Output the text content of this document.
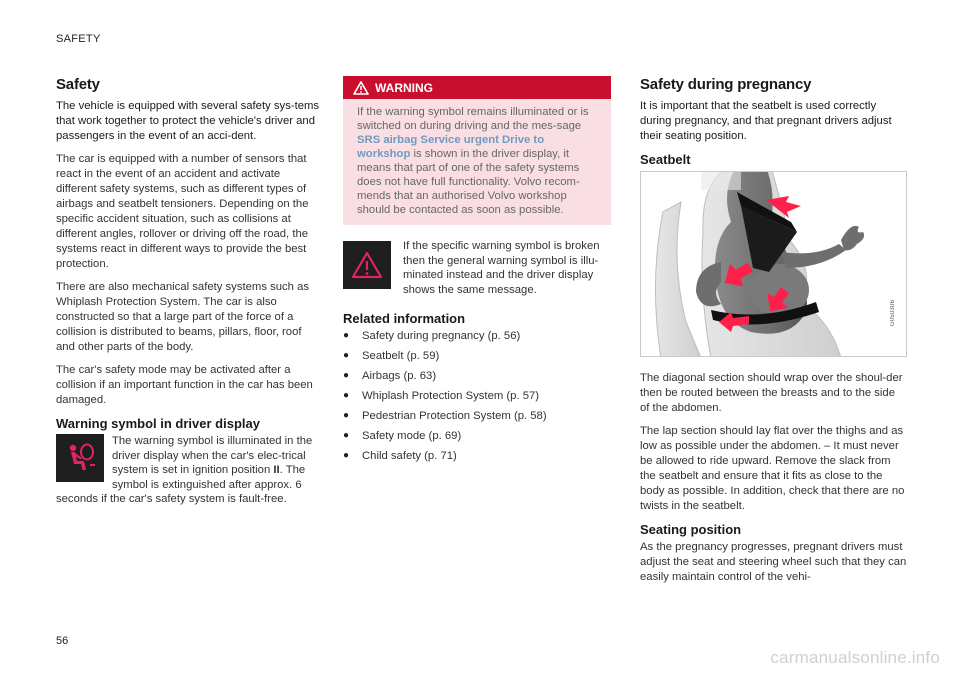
SAFETY
Safety

The vehicle is equipped with several safety sys-tems that work together to protect the vehicle's driver and passengers in the event of an acci-dent.

The car is equipped with a number of sensors that react in the event of an accident and activate different safety systems, such as different types of airbags and seatbelt tensioners. Depending on the specific accident situation, such as collisions at different angles, rollover or driving off the road, the systems react in different ways to provide the best protection.

There are also mechanical safety systems such as Whiplash Protection System. The car is also constructed so that a large part of the force of a collision is distributed to beams, pillars, floor, roof and other parts of the body.

The car's safety mode may be activated after a collision if an important function in the car has been damaged.

Warning symbol in driver display

The warning symbol is illuminated in the driver display when the car's elec-trical system is set in ignition position II. The symbol is extinguished after approx. 6 seconds if the car's safety system is fault-free.

WARNING

If the warning symbol remains illuminated or is switched on during driving and the mes-sage SRS airbag Service urgent Drive to workshop is shown in the driver display, it means that part of one of the safety systems does not have full functionality. Volvo recom-mends that an authorised Volvo workshop should be contacted as soon as possible.

If the specific warning symbol is broken then the general warning symbol is illu-minated instead and the driver display shows the same message.

Related information
●	Safety during pregnancy (p. 56)
●	Seatbelt (p. 59)
●	Airbags (p. 63)
●	Whiplash Protection System (p. 57)
●	Pedestrian Protection System (p. 58)
●	Safety mode (p. 69)
●	Child safety (p. 71)
Safety during pregnancy

It is important that the seatbelt is used correctly during pregnancy, and that pregnant drivers adjust their seating position.

Seatbelt
G050306

The diagonal section should wrap over the shoul-der then be routed between the breasts and to the side of the abdomen.

The lap section should lay flat over the thighs and as low as possible under the abdomen. – It must never be allowed to ride upward. Remove the slack from the seatbelt and ensure that it fits as close to the body as possible. In addition, check that there are no twists in the seatbelt.

Seating position

As the pregnancy progresses, pregnant drivers must adjust the seat and steering wheel such that they can easily maintain control of the vehi-

56
carmanualsonline.info
